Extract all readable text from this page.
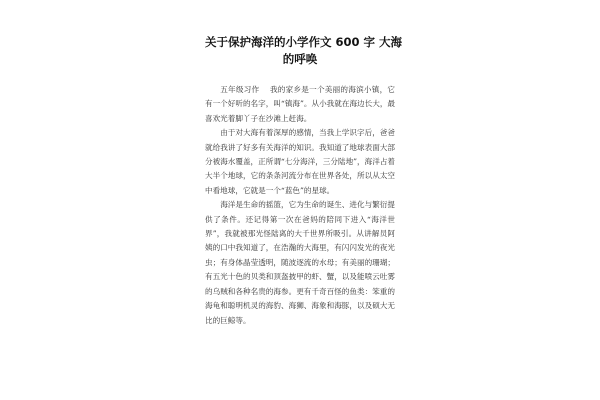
关于保护海洋的小学作文 600 字 大海
的呼唤

五年级习作 我的家乡是一个美丽的海滨小镇，它有一个好听的名字，叫“镇海”。从小我就在海边长大，最喜欢光着脚丫子在沙滩上赶海。

由于对大海有着深厚的感情，当我上学识字后，爸爸就给我讲了好多有关海洋的知识。我知道了地球表面大部分被海水覆盖，正所谓“七分海洋，三分陆地”，海洋占着大半个地球，它的条条河流分布在世界各处，所以从太空中看地球，它就是一个“蓝色”的星球。

海洋是生命的摇篮，它为生命的诞生、进化与繁衍提供了条件。还记得第一次在爸妈的陪同下进入“海洋世界”，我就被那光怪陆离的大千世界所吸引。从讲解员阿姨的口中我知道了，在浩瀚的大海里，有闪闪发光的夜光虫；有身体晶莹透明，随波逐流的水母；有美丽的珊瑚；有五光十色的贝类和顶盔披甲的虾、蟹，以及能喷云吐雾的乌贼和各种名贵的海参。更有千奇百怪的鱼类：笨重的海龟和聪明机灵的海豹、海狮、海象和海豚，以及硕大无比的巨鲸等。
